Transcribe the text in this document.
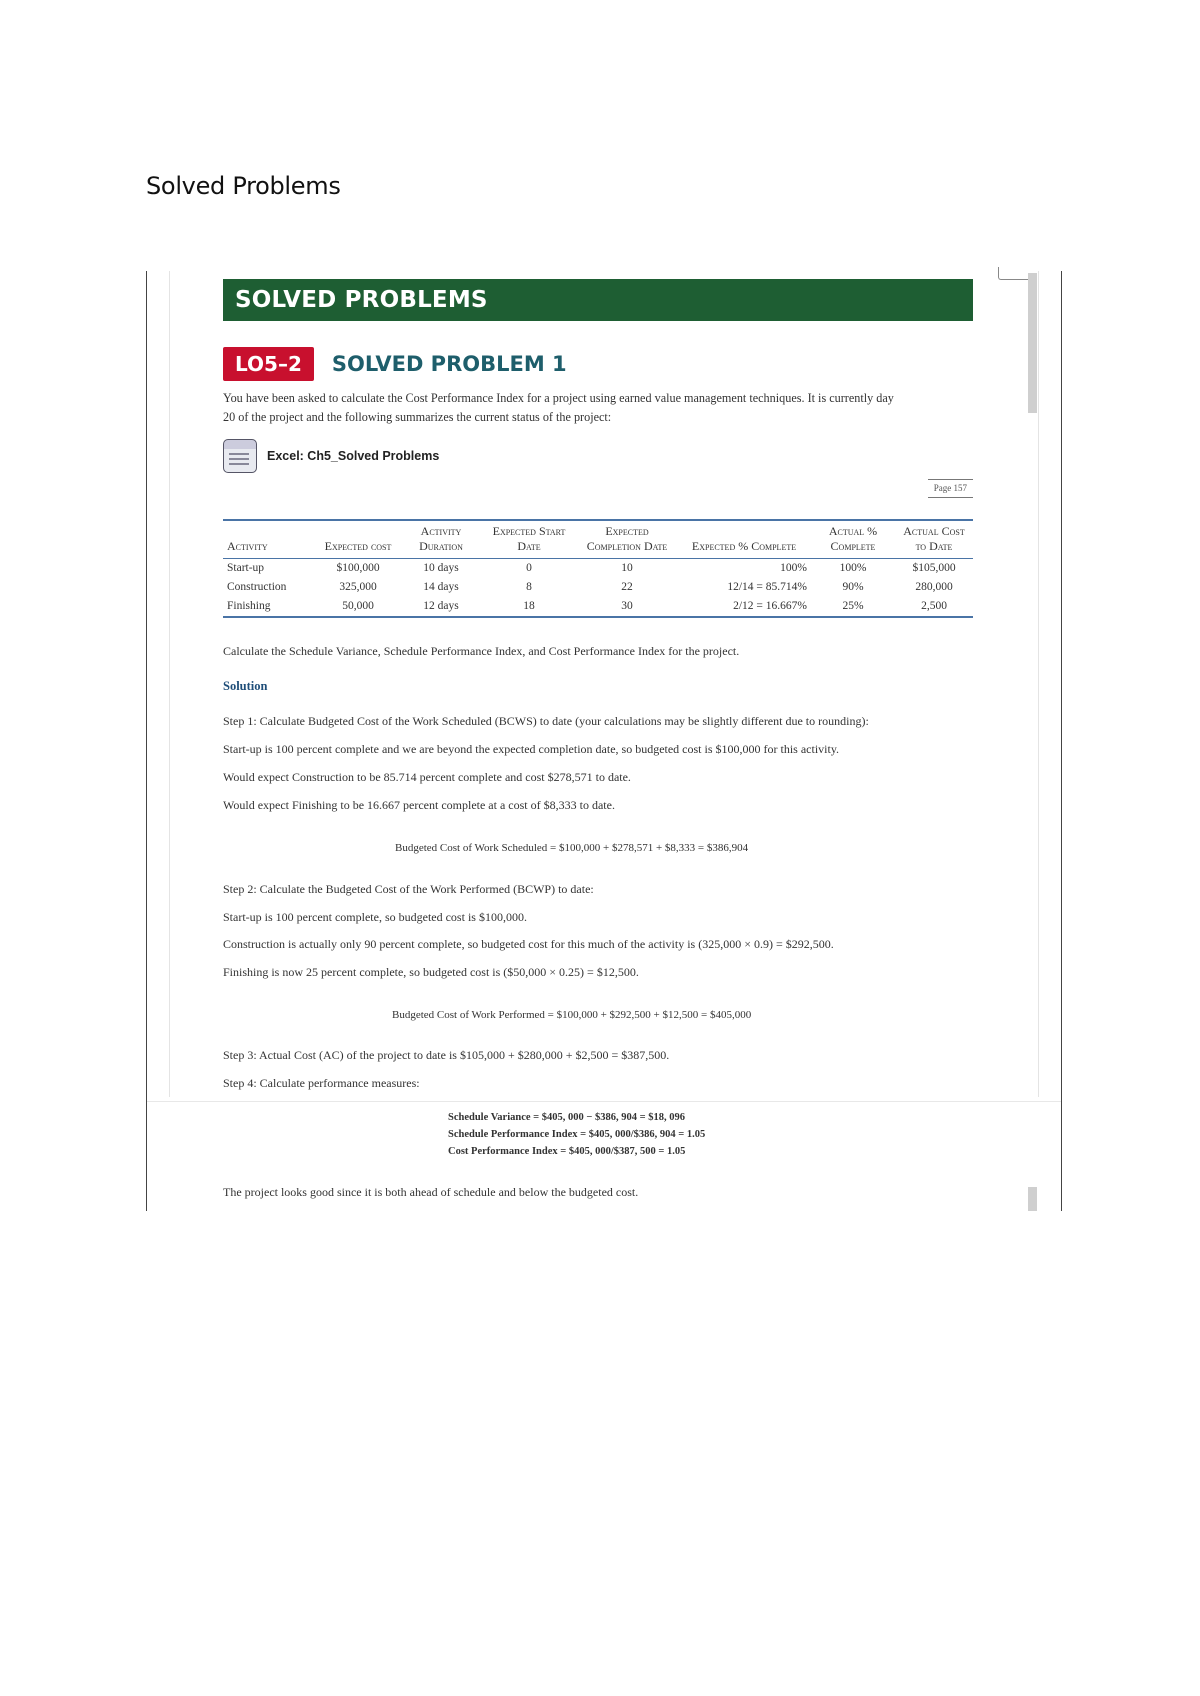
Solved Problems
SOLVED PROBLEMS
LO5–2	SOLVED PROBLEM 1
You have been asked to calculate the Cost Performance Index for a project using earned value management techniques. It is currently day
20 of the project and the following summarizes the current status of the project:
Excel: Ch5_Solved Problems
Page 157
Activity	Expected cost	Activity Duration	Expected Start Date	Expected Completion Date	Expected % Complete	Actual % Complete	Actual Cost to Date
Start-up	$100,000	10 days	0	10	100%	100%	$105,000
Construction	325,000	14 days	8	22	12/14 = 85.714%	90%	280,000
Finishing	50,000	12 days	18	30	2/12 = 16.667%	25%	2,500
Calculate the Schedule Variance, Schedule Performance Index, and Cost Performance Index for the project.
Solution
Step 1: Calculate Budgeted Cost of the Work Scheduled (BCWS) to date (your calculations may be slightly different due to rounding):
Start-up is 100 percent complete and we are beyond the expected completion date, so budgeted cost is $100,000 for this activity.
Would expect Construction to be 85.714 percent complete and cost $278,571 to date.
Would expect Finishing to be 16.667 percent complete at a cost of $8,333 to date.
Budgeted Cost of Work Scheduled = $100,000 + $278,571 + $8,333 = $386,904
Step 2: Calculate the Budgeted Cost of the Work Performed (BCWP) to date:
Start-up is 100 percent complete, so budgeted cost is $100,000.
Construction is actually only 90 percent complete, so budgeted cost for this much of the activity is (325,000 × 0.9) = $292,500.
Finishing is now 25 percent complete, so budgeted cost is ($50,000 × 0.25) = $12,500.
Budgeted Cost of Work Performed = $100,000 + $292,500 + $12,500 = $405,000
Step 3: Actual Cost (AC) of the project to date is $105,000 + $280,000 + $2,500 = $387,500.
Step 4: Calculate performance measures:
Schedule Variance = $405, 000 − $386, 904 = $18, 096
Schedule Performance Index = $405, 000/$386, 904 = 1.05
Cost Performance Index = $405, 000/$387, 500 = 1.05
The project looks good since it is both ahead of schedule and below the budgeted cost.
